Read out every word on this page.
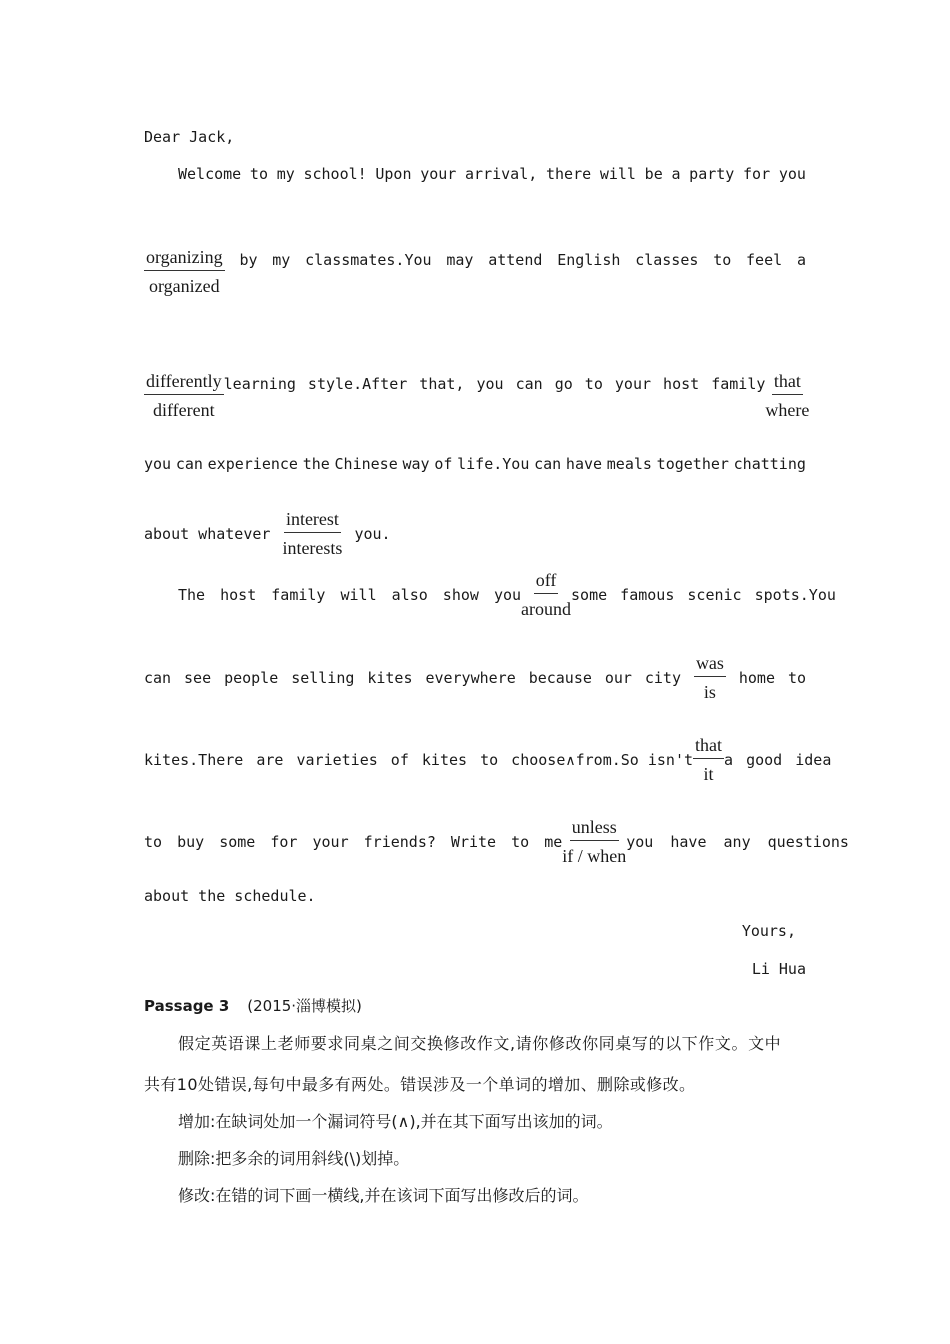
Dear Jack,
Welcome to my school! Upon your arrival, there will be a party for you
organizing
organized
by my classmates.You may attend English classes to feel a
differently
different
learning style.After that, you can go to your host family that
where
you can experience the Chinese way of life.You can have meals together chatting
about whatever
interest
interests
you.
The host family will also show you
off
around
some famous scenic spots.You
can see people selling kites everywhere because our city
was
is
home to
kites.There are varieties of kites to choose ∧from.So isn't
that
it
a good idea
to buy some for your friends? Write to me
unless
if / when
you have any questions
about the schedule.
Yours,
Li Hua
Passage 3 (2015·淄博模拟)
假定英语课上老师要求同桌之间交换修改作文,请你修改你同桌写的以下作文。文中
共有10处错误,每句中最多有两处。错误涉及一个单词的增加、删除或修改。
增加:在缺词处加一个漏词符号(∧),并在其下面写出该加的词。
删除:把多余的词用斜线(\)划掉。
修改:在错的词下画一横线,并在该词下面写出修改后的词。
